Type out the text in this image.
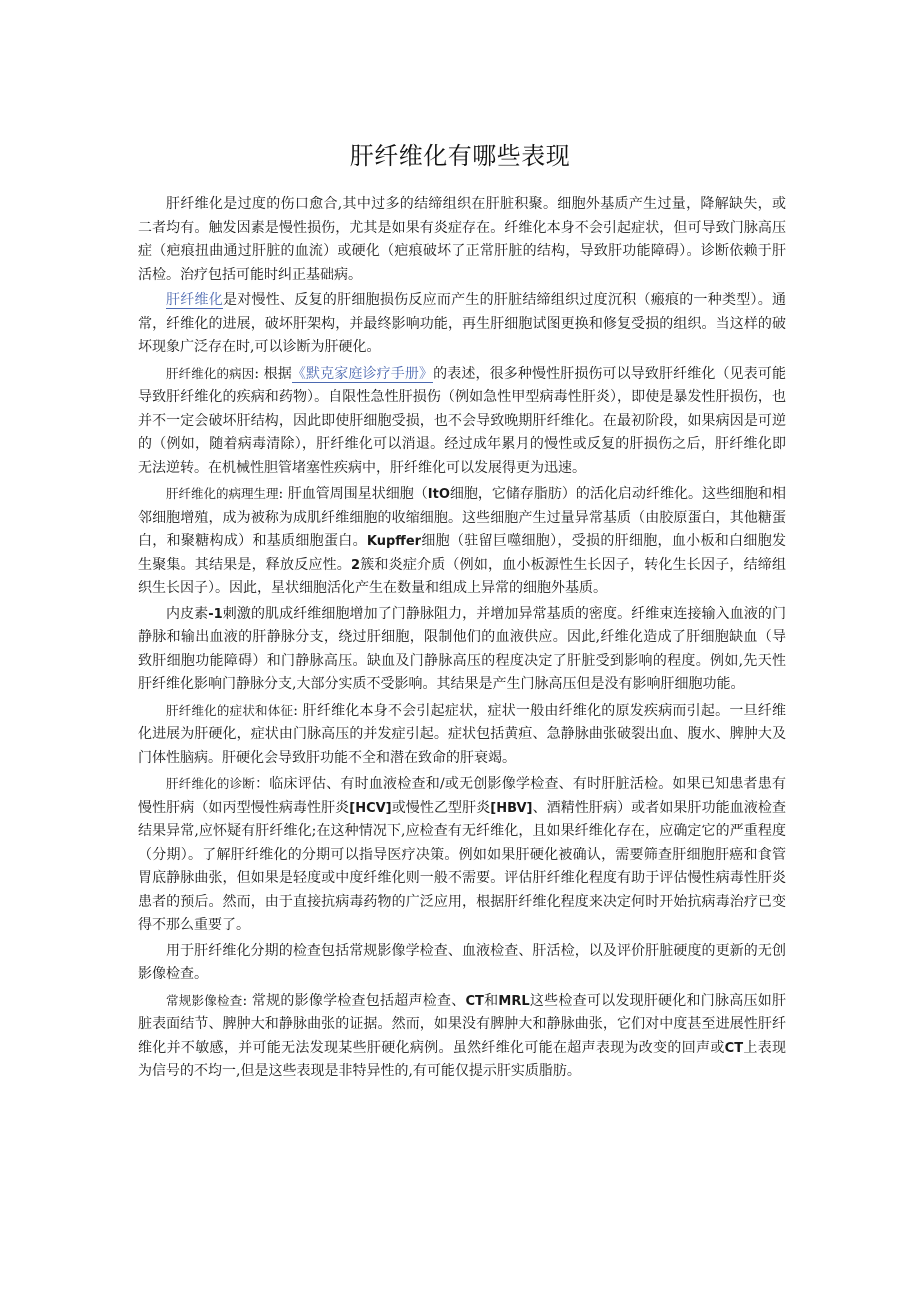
肝纤维化有哪些表现

肝纤维化是过度的伤口愈合,其中过多的结缔组织在肝脏积聚。细胞外基质产生过量，降解缺失，或二者均有。触发因素是慢性损伤，尤其是如果有炎症存在。纤维化本身不会引起症状，但可导致门脉高压症（疤痕扭曲通过肝脏的血流）或硬化（疤痕破坏了正常肝脏的结构，导致肝功能障碍）。诊断依赖于肝活检。治疗包括可能时纠正基础病。

肝纤维化是对慢性、反复的肝细胞损伤反应而产生的肝脏结缔组织过度沉积（瘢痕的一种类型）。通常，纤维化的进展，破坏肝架构，并最终影响功能，再生肝细胞试图更换和修复受损的组织。当这样的破坏现象广泛存在时,可以诊断为肝硬化。

肝纤维化的病因: 根据《默克家庭诊疗手册》的表述，很多种慢性肝损伤可以导致肝纤维化（见表可能导致肝纤维化的疾病和药物）。自限性急性肝损伤（例如急性甲型病毒性肝炎），即使是暴发性肝损伤，也并不一定会破坏肝结构，因此即使肝细胞受损，也不会导致晚期肝纤维化。在最初阶段，如果病因是可逆的（例如，随着病毒清除），肝纤维化可以消退。经过成年累月的慢性或反复的肝损伤之后，肝纤维化即无法逆转。在机械性胆管堵塞性疾病中，肝纤维化可以发展得更为迅速。

肝纤维化的病理生理: 肝血管周围星状细胞（ItO细胞，它储存脂肪）的活化启动纤维化。这些细胞和相邻细胞增殖，成为被称为成肌纤维细胞的收缩细胞。这些细胞产生过量异常基质（由胶原蛋白，其他糖蛋白，和聚糖构成）和基质细胞蛋白。Kupffer细胞（驻留巨噬细胞），受损的肝细胞，血小板和白细胞发生聚集。其结果是，释放反应性。2簇和炎症介质（例如，血小板源性生长因子，转化生长因子，结缔组织生长因子）。因此，星状细胞活化产生在数量和组成上异常的细胞外基质。

内皮素-1刺激的肌成纤维细胞增加了门静脉阻力，并增加异常基质的密度。纤维束连接输入血液的门静脉和输出血液的肝静脉分支，绕过肝细胞，限制他们的血液供应。因此,纤维化造成了肝细胞缺血（导致肝细胞功能障碍）和门静脉高压。缺血及门静脉高压的程度决定了肝脏受到影响的程度。例如,先天性肝纤维化影响门静脉分支,大部分实质不受影响。其结果是产生门脉高压但是没有影响肝细胞功能。

肝纤维化的症状和体征: 肝纤维化本身不会引起症状，症状一般由纤维化的原发疾病而引起。一旦纤维化进展为肝硬化，症状由门脉高压的并发症引起。症状包括黄疸、急静脉曲张破裂出血、腹水、脾肿大及门体性脑病。肝硬化会导致肝功能不全和潜在致命的肝衰竭。

肝纤维化的诊断：临床评估、有时血液检查和/或无创影像学检查、有时肝脏活检。如果已知患者患有慢性肝病（如丙型慢性病毒性肝炎[HCV]或慢性乙型肝炎[HBV]、酒精性肝病）或者如果肝功能血液检查结果异常,应怀疑有肝纤维化;在这种情况下,应检查有无纤维化，且如果纤维化存在，应确定它的严重程度（分期）。了解肝纤维化的分期可以指导医疗决策。例如如果肝硬化被确认，需要筛查肝细胞肝癌和食管胃底静脉曲张，但如果是轻度或中度纤维化则一般不需要。评估肝纤维化程度有助于评估慢性病毒性肝炎患者的预后。然而，由于直接抗病毒药物的广泛应用，根据肝纤维化程度来决定何时开始抗病毒治疗已变得不那么重要了。

用于肝纤维化分期的检查包括常规影像学检查、血液检查、肝活检，以及评价肝脏硬度的更新的无创影像检查。

常规影像检查: 常规的影像学检查包括超声检查、CT和MRL这些检查可以发现肝硬化和门脉高压如肝脏表面结节、脾肿大和静脉曲张的证据。然而，如果没有脾肿大和静脉曲张，它们对中度甚至进展性肝纤维化并不敏感，并可能无法发现某些肝硬化病例。虽然纤维化可能在超声表现为改变的回声或CT上表现为信号的不均一,但是这些表现是非特异性的,有可能仅提示肝实质脂肪。
